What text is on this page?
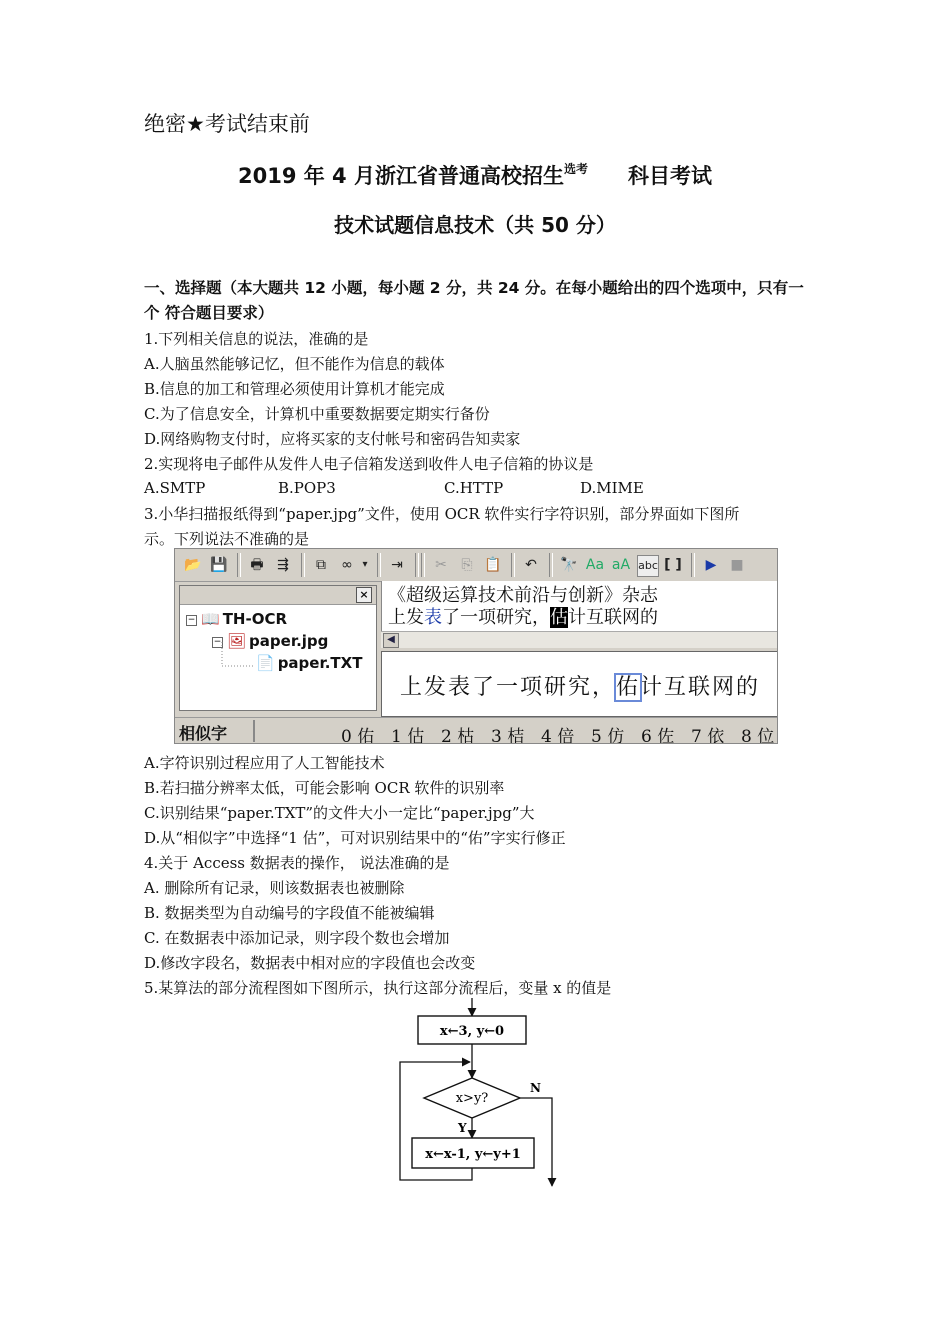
绝密★考试结束前
2019 年 4 月浙江省普通高校招生$^{选考}$ 科目考试
技术试题信息技术（共 50 分）
一、选择题（本大题共 12 小题，每小题 2 分，共 24 分。在每小题给出的四个选项中，只有一个 符合题目要求）
1.下列相关信息的说法，准确的是
A.人脑虽然能够记忆，但不能作为信息的载体
B.信息的加工和管理必须使用计算机才能完成
C.为了信息安全，计算机中重要数据要定期实行备份
D.网络购物支付时，应将买家的支付帐号和密码告知卖家
2.实现将电子邮件从发件人电子信箱发送到收件人电子信箱的协议是
A.SMTP	B.POP3	C.HTTP	D.MIME
3.小华扫描报纸得到“paper.jpg”文件，使用 OCR 软件实行字符识别，部分界面如下图所
示。下列说法不准确的是
📂 💾 🖶 ⇶	⧉	∞ ▾ ⇥ ✂	⎘ 📋 ↶ 🔭 Aa aA abc [ ]	▶ ■
×
− 📖 TH-OCR
− 🖼 paper.jpg
📄 paper.TXT
《超级运算技术前沿与创新》杂志
上发表了一项研究，估计互联网的
◀
上发表了一项研究，佑计互联网的
相似字	0 佑 1 估 2 枯 3 桔 4 倍 5 仿 6 佐 7 依 8 位
A.字符识别过程应用了人工智能技术
B.若扫描分辨率太低，可能会影响 OCR 软件的识别率
C.识别结果“paper.TXT”的文件大小一定比“paper.jpg”大
D.从“相似字”中选择“1 估”，可对识别结果中的“佑”字实行修正
4.关于 Access 数据表的操作， 说法准确的是
A. 删除所有记录，则该数据表也被删除
B. 数据类型为自动编号的字段值不能被编辑
C. 在数据表中添加记录，则字段个数也会增加
D.修改字段名，数据表中相对应的字段值也会改变
5.某算法的部分流程图如下图所示，执行这部分流程后，变量 x 的值是
x←3, y←0
x>y?
Y
x←x-1, y←y+1
N
